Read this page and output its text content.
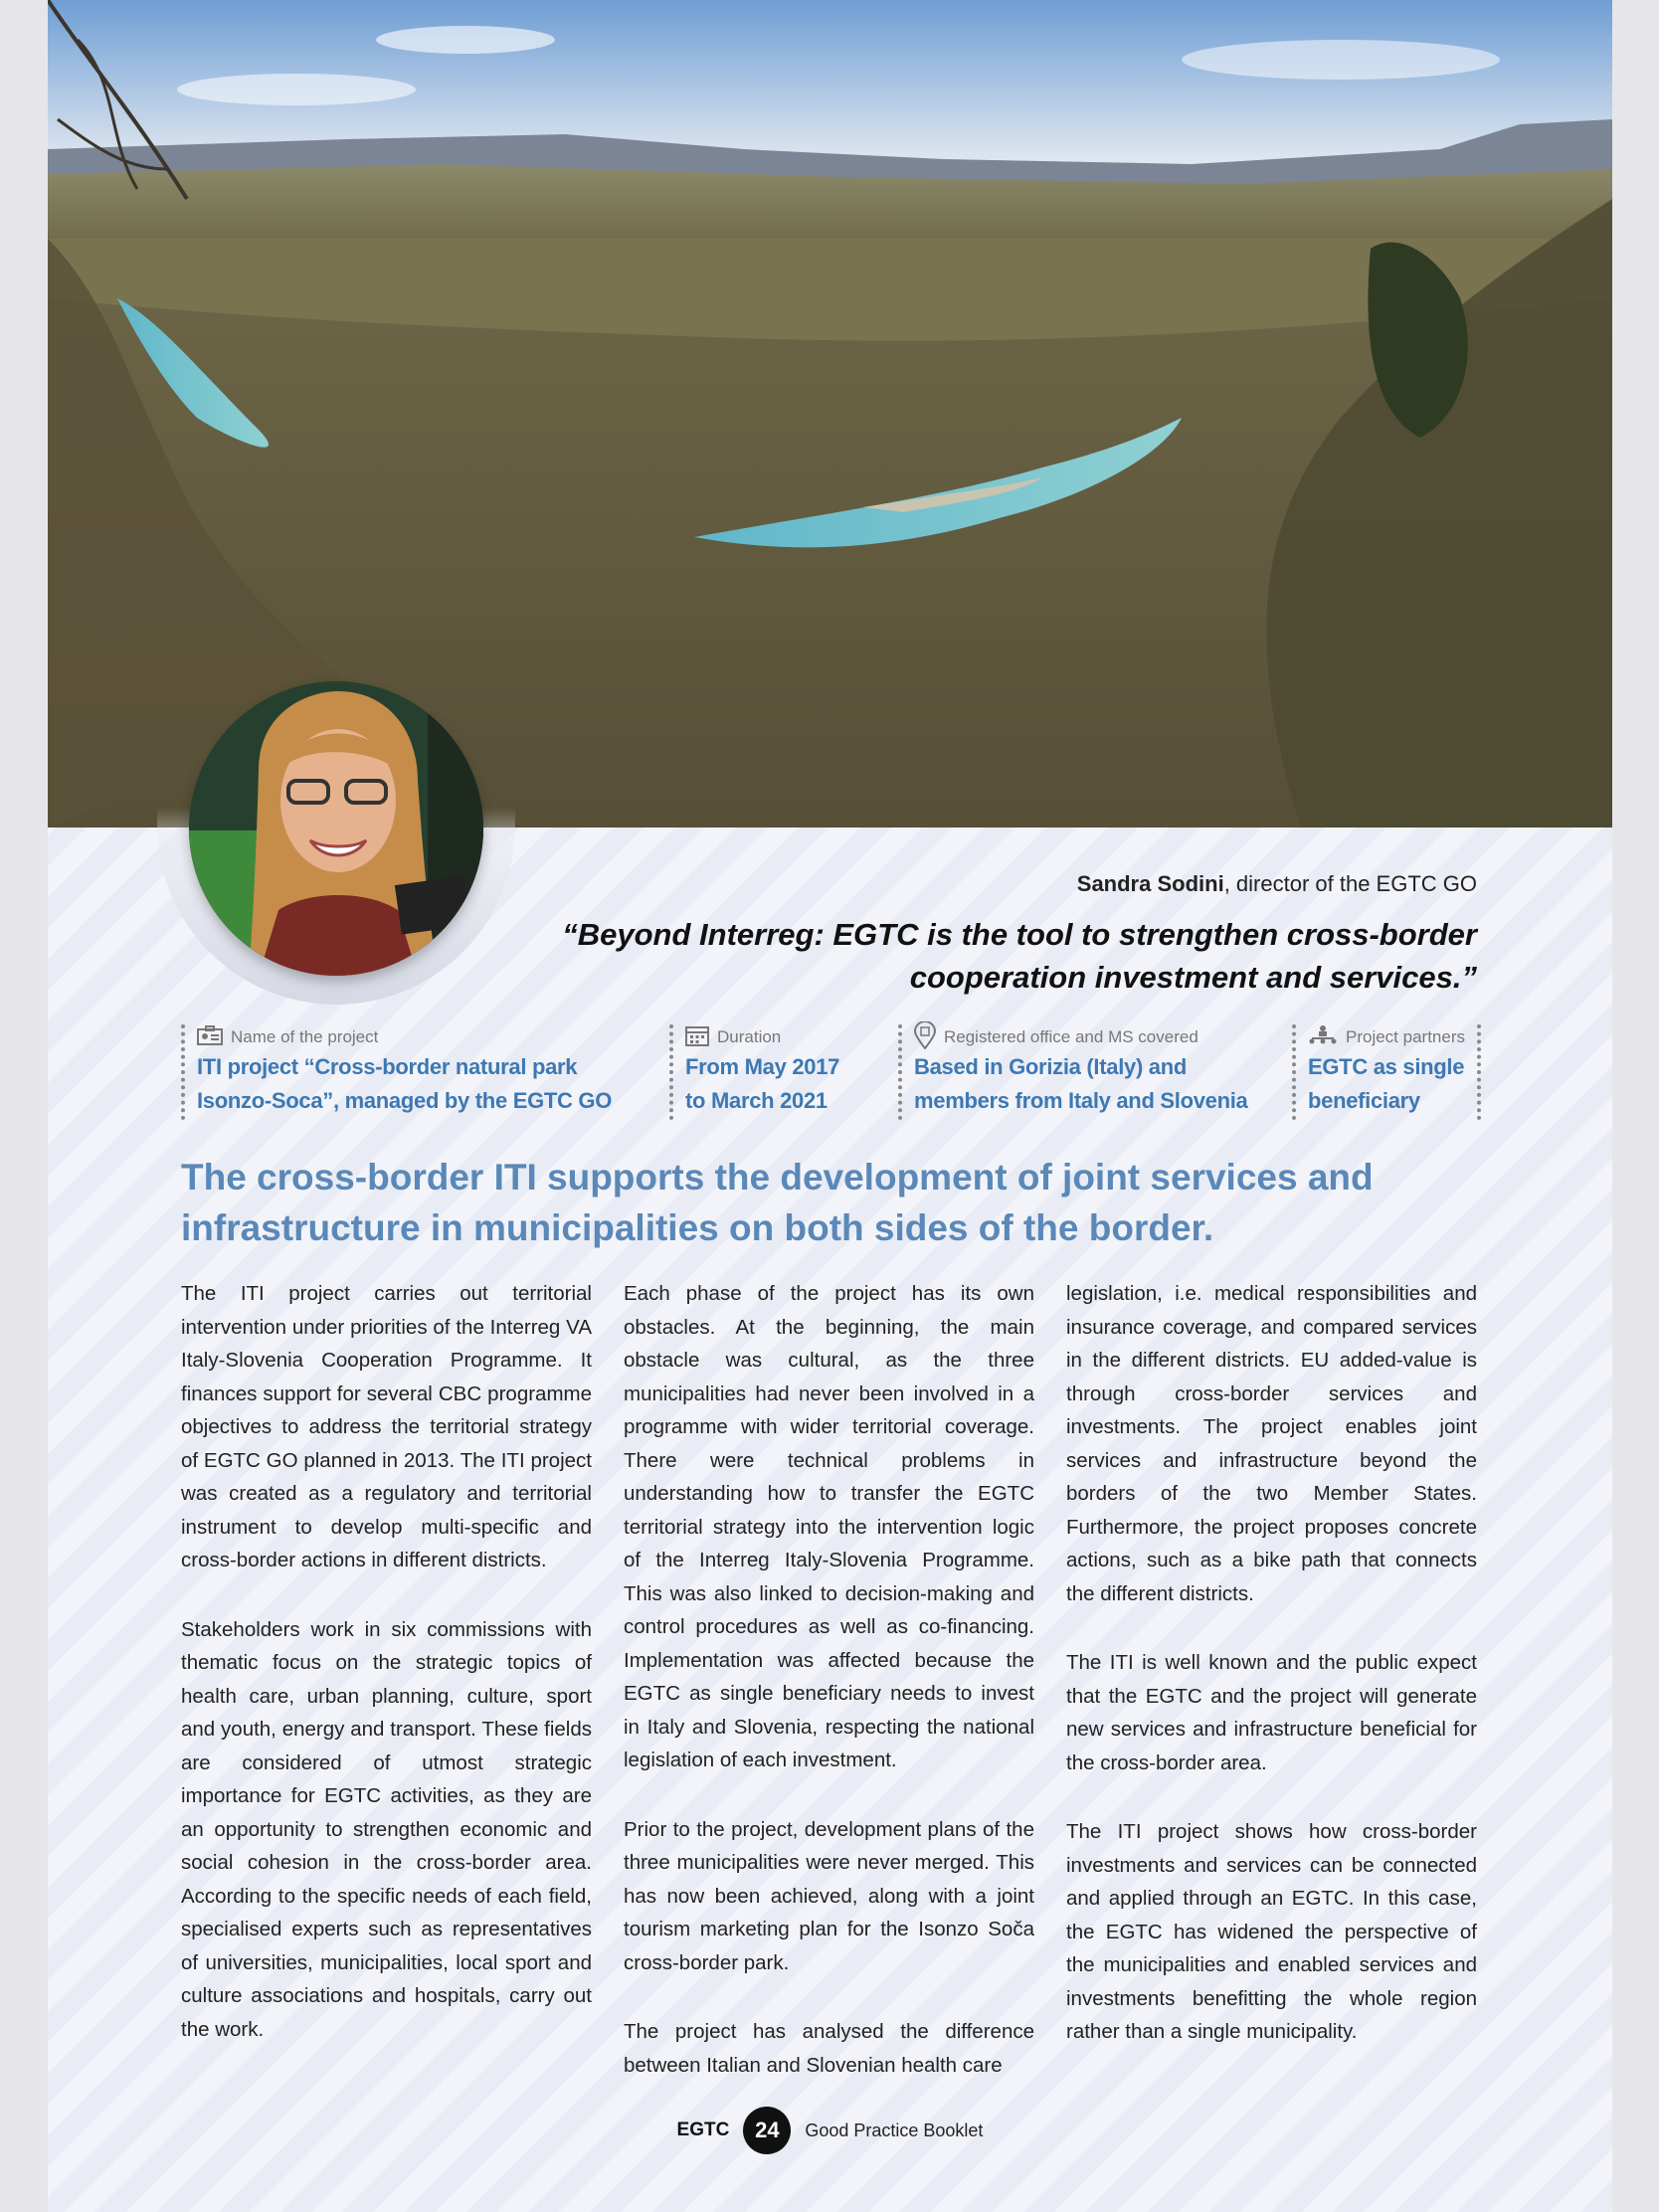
Sandra Sodini, director of the EGTC GO
“Beyond Interreg: EGTC is the tool to strengthen cross-border cooperation investment and services.”
Name of the project
ITI project “Cross-border natural park
Isonzo-Soca”, managed by the EGTC GO
Duration
From May 2017
to March 2021
Registered office and MS covered
Based in Gorizia (Italy) and
members from Italy and Slovenia
Project partners
EGTC as single
beneficiary
The cross-border ITI supports the development of joint services and infrastructure in municipalities on both sides of the border.

The ITI project carries out territorial intervention under priorities of the Interreg VA Italy-Slovenia Cooperation Programme. It finances support for several CBC programme objectives to address the territorial strategy of EGTC GO planned in 2013. The ITI project was created as a regulatory and territorial instrument to develop multi-specific and cross-border actions in different districts.

Stakeholders work in six commissions with thematic focus on the strategic topics of health care, urban planning, culture, sport and youth, energy and transport. These fields are considered of utmost strategic importance for EGTC activities, as they are an opportunity to strengthen economic and social cohesion in the cross-border area. According to the specific needs of each field, specialised experts such as representatives of universities, municipalities, local sport and culture associations and hospitals, carry out the work.

Each phase of the project has its own obstacles. At the beginning, the main obstacle was cultural, as the three municipalities had never been involved in a programme with wider territorial coverage. There were technical problems in understanding how to transfer the EGTC territorial strategy into the intervention logic of the Interreg Italy-Slovenia Programme. This was also linked to decision-making and control procedures as well as co-financing. Implementation was affected because the EGTC as single beneficiary needs to invest in Italy and Slovenia, respecting the national legislation of each investment.

Prior to the project, development plans of the three municipalities were never merged. This has now been achieved, along with a joint tourism marketing plan for the Isonzo Soča cross-border park.

The project has analysed the difference between Italian and Slovenian health care

legislation, i.e. medical responsibilities and insurance coverage, and compared services in the different districts. EU added-value is through cross-border services and investments. The project enables joint services and infrastructure beyond the borders of the two Member States. Furthermore, the project proposes concrete actions, such as a bike path that connects the different districts.

The ITI is well known and the public expect that the EGTC and the project will generate new services and infrastructure beneficial for the cross-border area.

The ITI project shows how cross-border investments and services can be connected and applied through an EGTC. In this case, the EGTC has widened the perspective of the municipalities and enabled services and investments benefitting the whole region rather than a single municipality.

EGTC	24	Good Practice Booklet
